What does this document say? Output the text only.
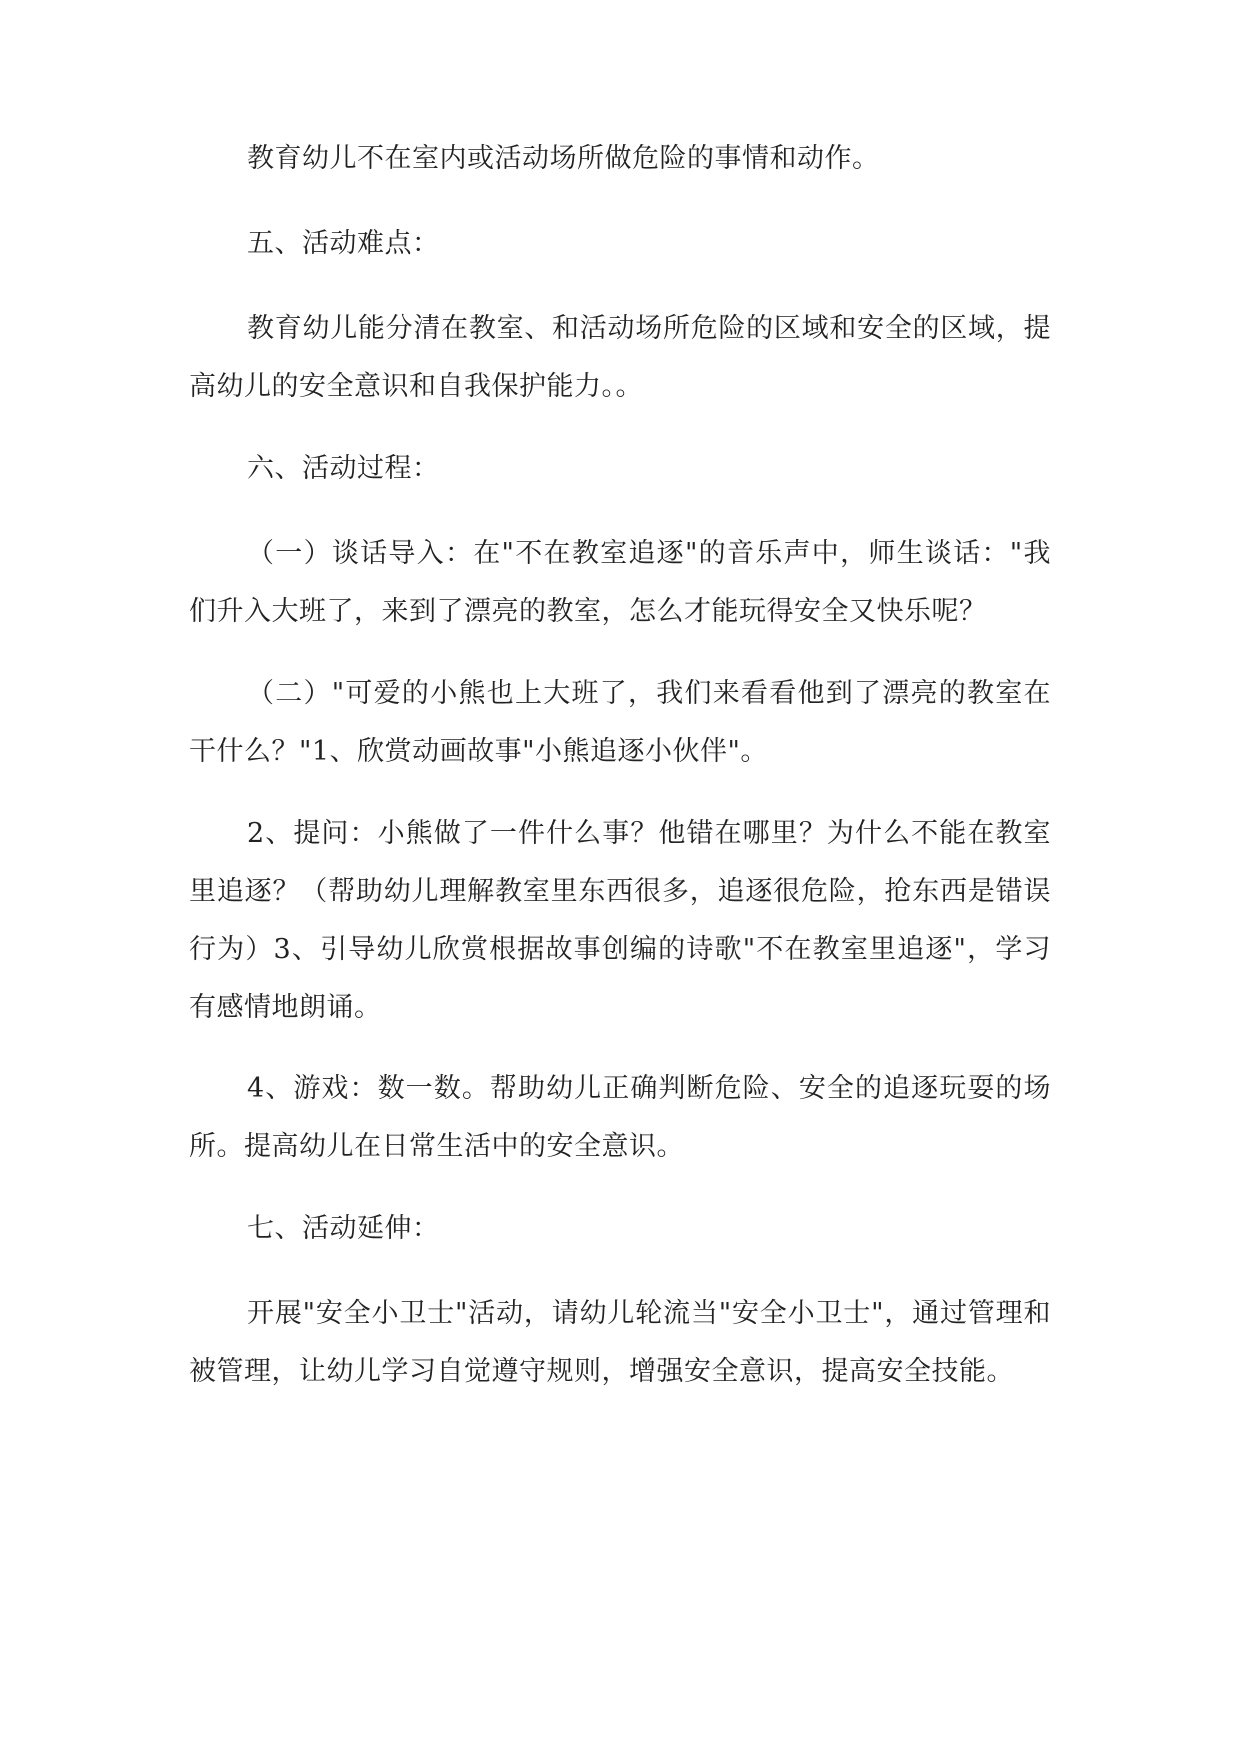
教育幼儿不在室内或活动场所做危险的事情和动作。

五、活动难点：

教育幼儿能分清在教室、和活动场所危险的区域和安全的区域，提高幼儿的安全意识和自我保护能力。。

六、活动过程：

（一）谈话导入：在"不在教室追逐"的音乐声中，师生谈话："我们升入大班了，来到了漂亮的教室，怎么才能玩得安全又快乐呢？

（二）"可爱的小熊也上大班了，我们来看看他到了漂亮的教室在干什么？"1、欣赏动画故事"小熊追逐小伙伴"。

2、提问：小熊做了一件什么事？他错在哪里？为什么不能在教室里追逐？（帮助幼儿理解教室里东西很多，追逐很危险，抢东西是错误行为）3、引导幼儿欣赏根据故事创编的诗歌"不在教室里追逐"，学习有感情地朗诵。

4、游戏：数一数。帮助幼儿正确判断危险、安全的追逐玩耍的场所。提高幼儿在日常生活中的安全意识。

七、活动延伸：

开展"安全小卫士"活动，请幼儿轮流当"安全小卫士"，通过管理和被管理，让幼儿学习自觉遵守规则，增强安全意识，提高安全技能。
